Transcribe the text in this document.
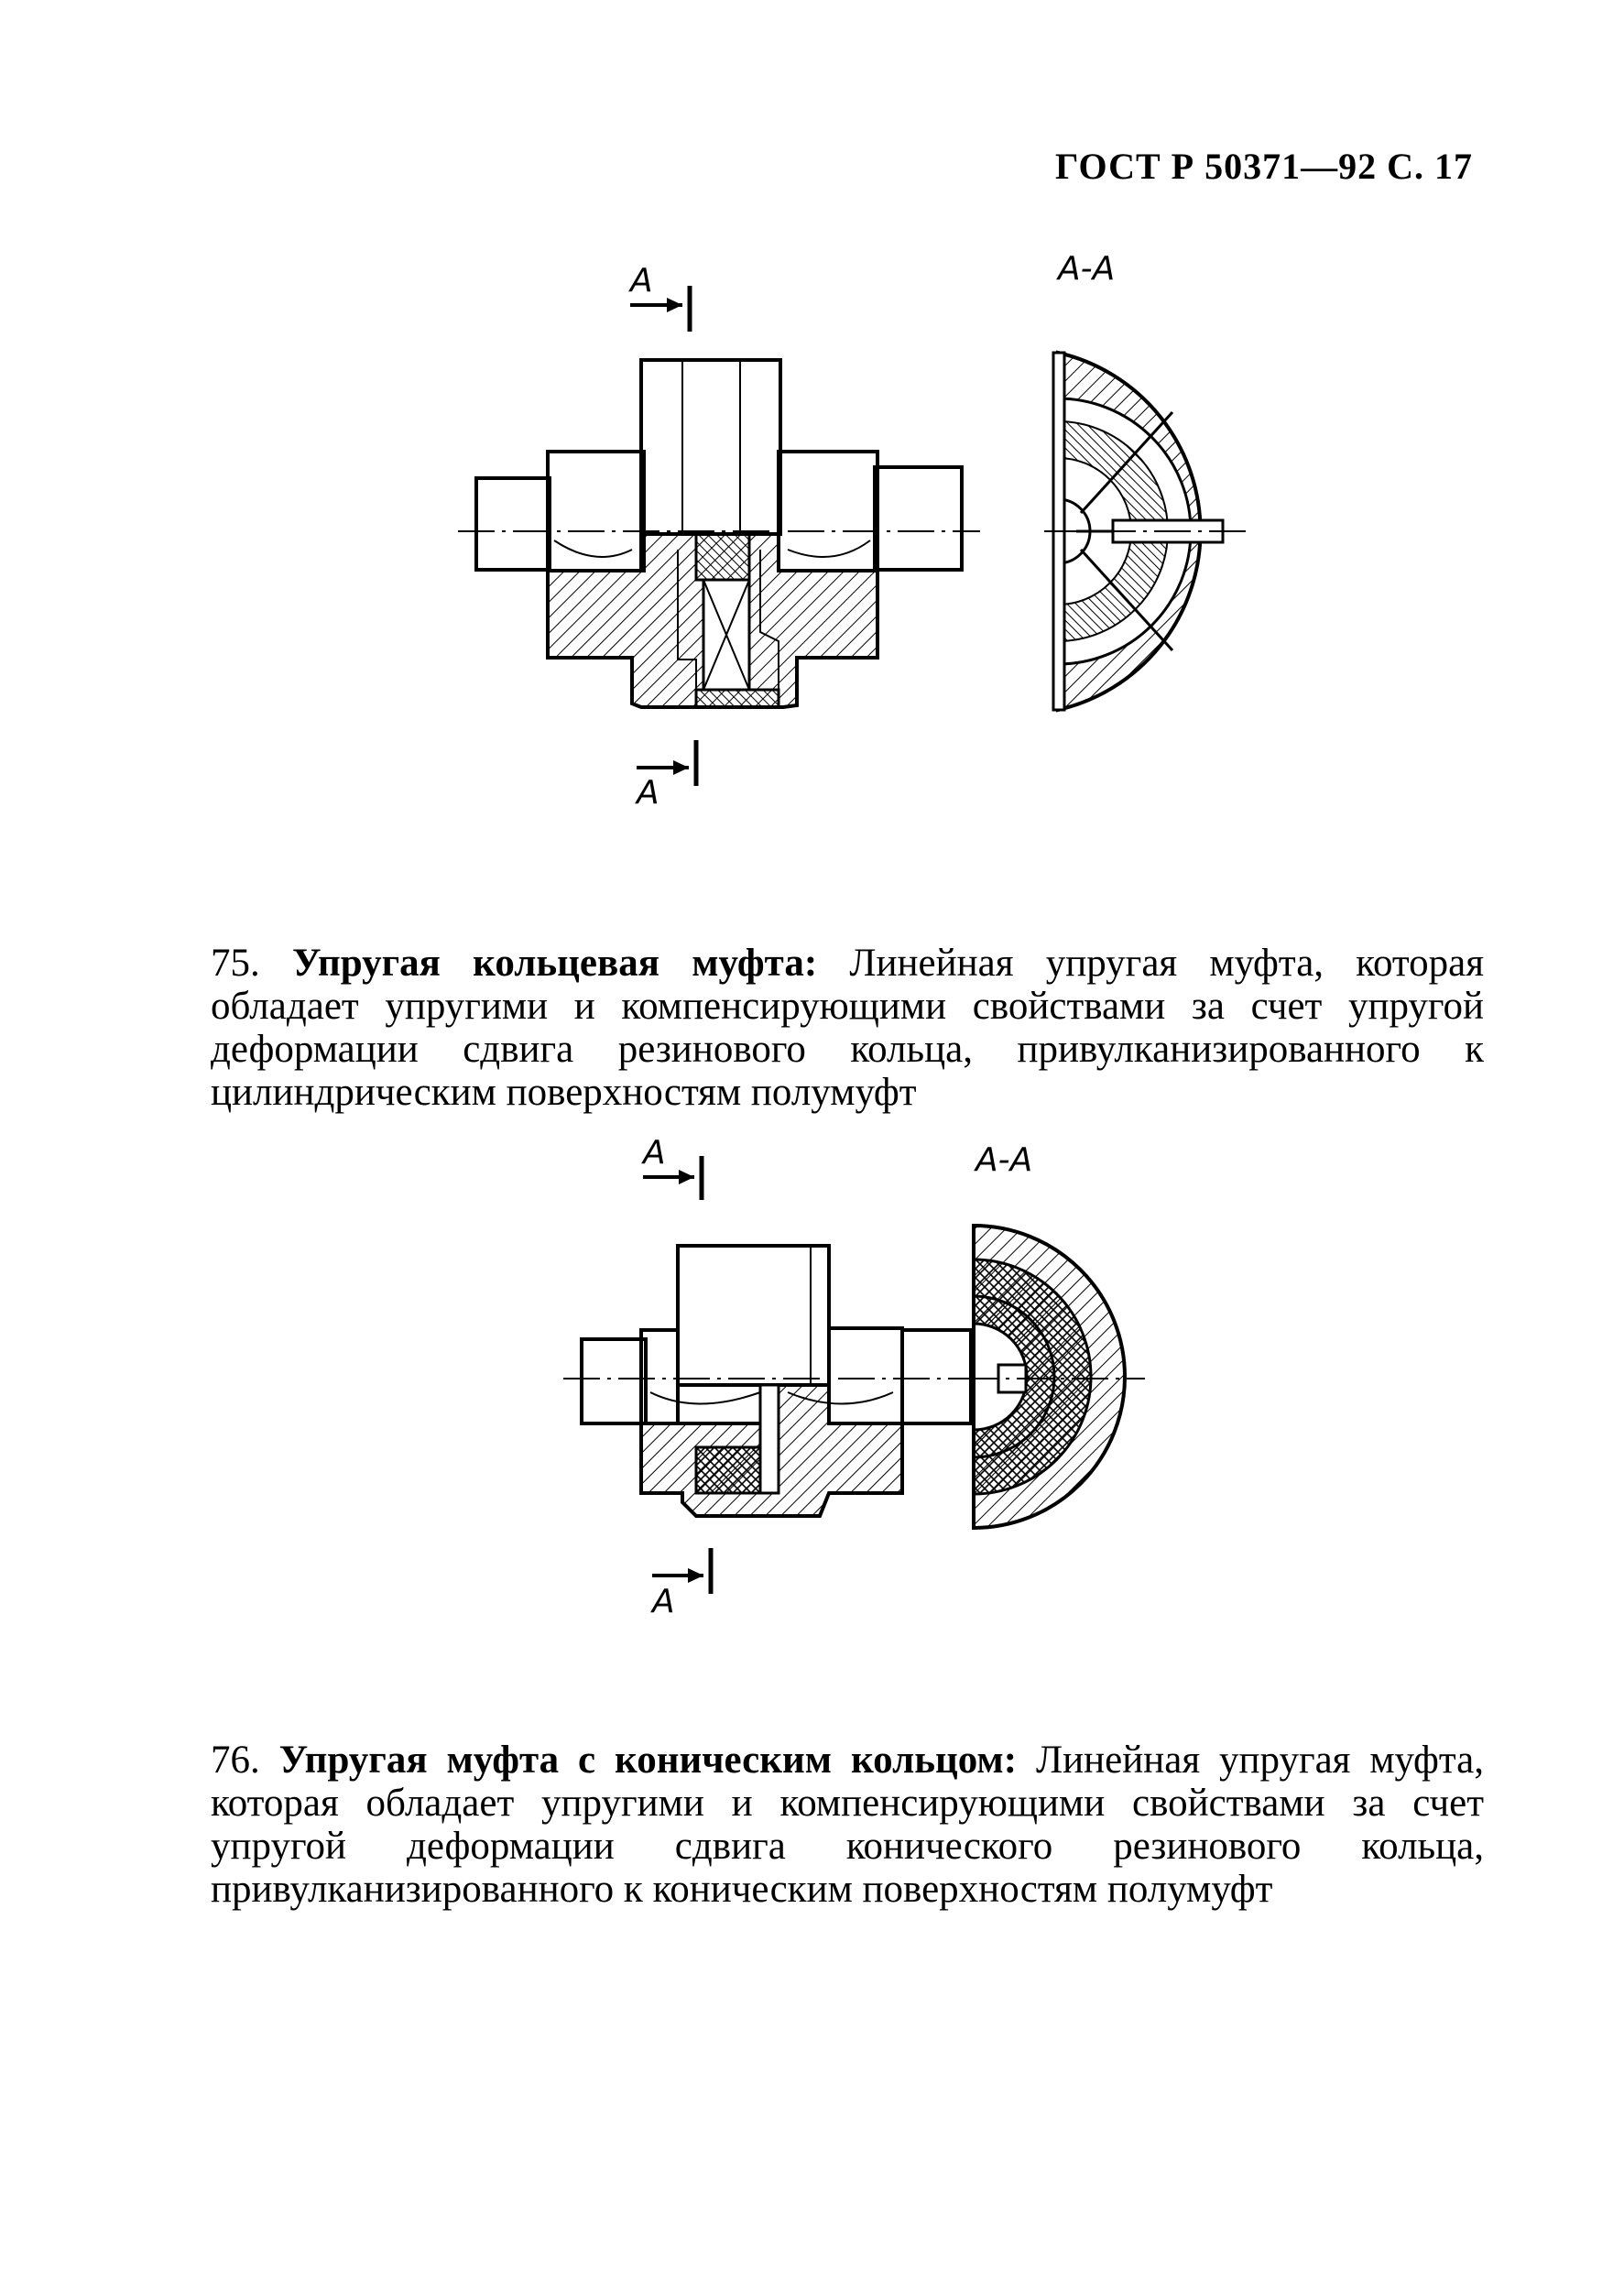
ГОСТ Р 50371—92 С. 17
А
А
А-А
75. Упругая кольцевая муфта: Линейная упругая муфта, которая обладает упругими и компенсирующими свойствами за счет упругой деформации сдвига резинового кольца, привулканизированного к цилиндрическим поверхностям полумуфт
А
А
А-А
76. Упругая муфта с коническим кольцом: Линейная упругая муфта, которая обладает упругими и компенсирующими свойствами за счет упругой деформации сдвига конического резинового кольца, привулканизированного к коническим поверхностям полумуфт
